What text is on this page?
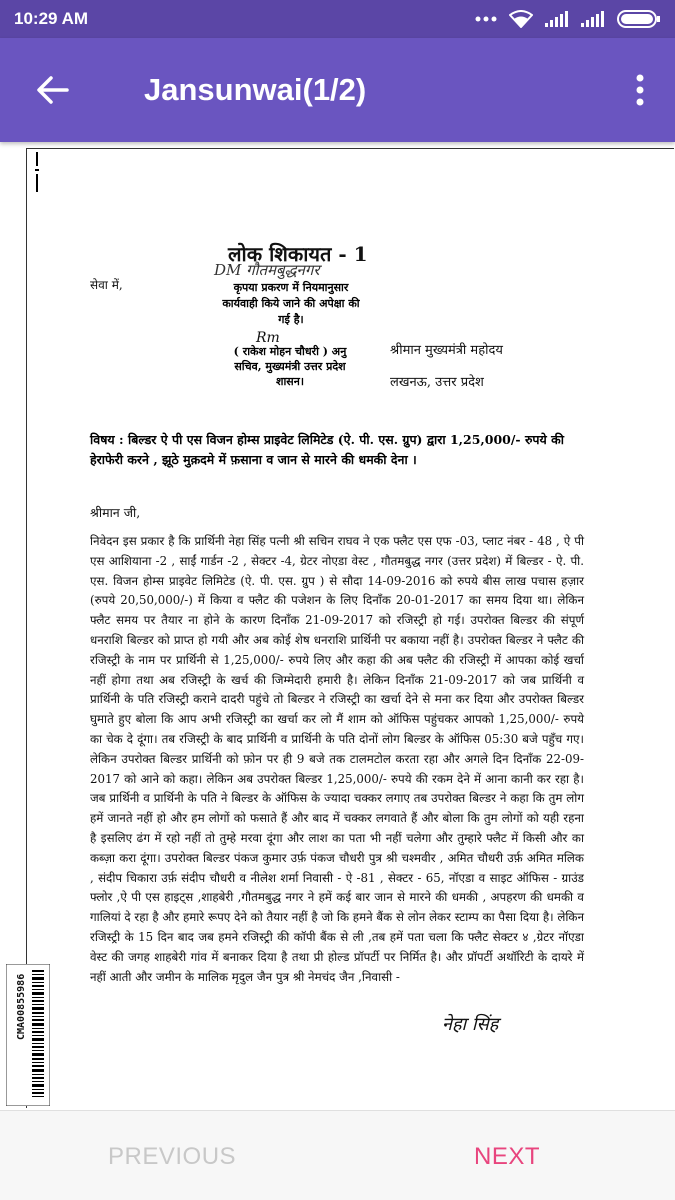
10:29 AM
Jansunwai(1/2)
लोक शिकायत - 1
DM गौतमबुद्धनगर
सेवा में,	कृपया प्रकरण में नियमानुसार कार्यवाही किये जाने की अपेक्षा की गई है।
Rm
( राकेश मोहन चौधरी ) अनु सचिव, मुख्यमंत्री उत्तर प्रदेश शासन।
श्रीमान मुख्यमंत्री महोदय
लखनऊ, उत्तर प्रदेश
विषय : बिल्डर ऐ पी एस विजन होम्स प्राइवेट लिमिटेड (ऐ. पी. एस. ग्रुप) द्वारा 1,25,000/- रुपये की हेराफेरी करने , झूठे मुक़दमे में फ़साना व जान से मारने की धमकी देना ।
श्रीमान जी,
निवेदन इस प्रकार है कि प्रार्थिनी नेहा सिंह पत्नी श्री सचिन राघव ने एक फ्लैट एस एफ -03, प्लाट नंबर - 48 , ऐ पी एस आशियाना -2 , साईं गार्डन -2 , सेक्टर -4, ग्रेटर नोएडा वेस्ट , गौतमबुद्ध नगर (उत्तर प्रदेश) में बिल्डर - ऐ. पी. एस. विजन होम्स प्राइवेट लिमिटेड (ऐ. पी. एस. ग्रुप ) से सौदा 14-09-2016 को रुपये बीस लाख पचास हज़ार (रुपये 20,50,000/-) में किया व फ्लैट की पजेशन के लिए दिनाँक 20-01-2017 का समय दिया था। लेकिन फ्लैट समय पर तैयार ना होने के कारण दिनाँक 21-09-2017 को रजिस्ट्री हो गई। उपरोक्त बिल्डर की संपूर्ण धनराशि बिल्डर को प्राप्त हो गयी और अब कोई शेष धनराशि प्रार्थिनी पर बकाया नहीं है। उपरोक्त बिल्डर ने फ्लैट की रजिस्ट्री के नाम पर प्रार्थिनी से 1,25,000/- रुपये लिए और कहा की अब फ्लैट की रजिस्ट्री में आपका कोई खर्चा नहीं होगा तथा अब रजिस्ट्री के खर्च की जिम्मेदारी हमारी है। लेकिन दिनाँक 21-09-2017 को जब प्रार्थिनी व प्रार्थिनी के पति रजिस्ट्री कराने दादरी पहुंचे तो बिल्डर ने रजिस्ट्री का खर्चा देने से मना कर दिया और उपरोक्त बिल्डर घुमाते हुए बोला कि आप अभी रजिस्ट्री का खर्चा कर लो मैं शाम को ऑफिस पहुंचकर आपको 1,25,000/- रुपये का चेक दे दूंगा। तब रजिस्ट्री के बाद प्रार्थिनी व प्रार्थिनी के पति दोनों लोग बिल्डर के ऑफिस 05:30 बजे पहुँच गए। लेकिन उपरोक्त बिल्डर प्रार्थिनी को फ़ोन पर ही 9 बजे तक टालमटोल करता रहा और अगले दिन दिनाँक 22-09-2017 को आने को कहा। लेकिन अब उपरोक्त बिल्डर 1,25,000/- रुपये की रकम देने में आना कानी कर रहा है। जब प्रार्थिनी व प्रार्थिनी के पति ने बिल्डर के ऑफिस के ज्यादा चक्कर लगाए तब उपरोक्त बिल्डर ने कहा कि तुम लोग हमें जानते नहीं हो और हम लोगों को फसाते हैं और बाद में चक्कर लगवाते हैं और बोला कि तुम लोगों को यही रहना है इसलिए ढंग में रहो नहीं तो तुम्हे मरवा दूंगा और लाश का पता भी नहीं चलेगा और तुम्हारे फ्लैट में किसी और का कब्ज़ा करा दूंगा। उपरोक्त बिल्डर पंकज कुमार उर्फ़ पंकज चौधरी पुत्र श्री चश्मवीर , अमित चौधरी उर्फ़ अमित मलिक , संदीप चिकारा उर्फ़ संदीप चौधरी व नीलेश शर्मा निवासी - ऐ -81 , सेक्टर - 65, नॉएडा व साइट ऑफिस - ग्राउंड फ्लोर ,ऐ पी एस हाइट्स ,शाहबेरी ,गौतमबुद्ध नगर ने हमें कई बार जान से मारने की धमकी , अपहरण की धमकी व गालियां दे रहा है और हमारे रूपए देने को तैयार नहीं है जो कि हमने बैंक से लोन लेकर स्टाम्प का पैसा दिया है। लेकिन रजिस्ट्री के 15 दिन बाद जब हमने रजिस्ट्री की कॉपी बैंक से ली ,तब हमें पता चला कि फ्लैट सेक्टर ४ ,ग्रेटर नॉएडा वेस्ट की जगह शाहबेरी गांव में बनाकर दिया है तथा प्री होल्ड प्रॉपर्टी पर निर्मित है। और प्रॉपर्टी अथॉरिटी के दायरे में नहीं आती और जमीन के मालिक मृदुल जैन पुत्र श्री नेमचंद जैन ,निवासी -
नेहा सिंह
CMA00855986
PREVIOUS	NEXT
